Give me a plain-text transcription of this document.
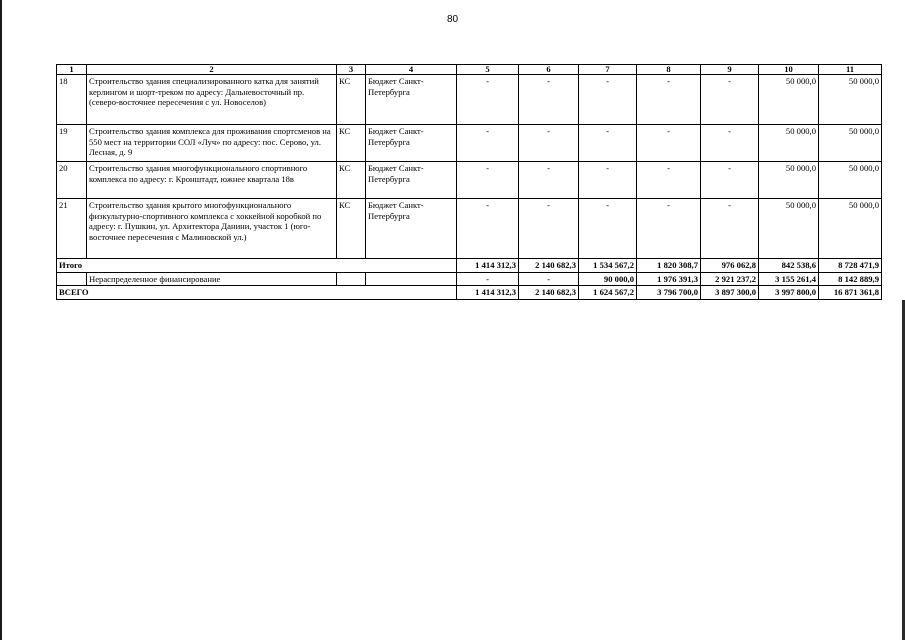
80
1	2	3	4	5	6	7	8	9	10	11
18	Строительство здания специализированного катка для занятий керлингом и шорт-треком по адресу: Дальневосточный пр. (северо-восточнее пересечения с ул. Новоселов)	КС	Бюджет Санкт-Петербурга	-	-	-	-	-	50 000,0	50 000,0
19	Строительство здания комплекса для проживания спортсменов на 550 мест на территории СОЛ «Луч» по адресу: пос. Серово, ул. Лесная, д. 9	КС	Бюджет Санкт-Петербурга	-	-	-	-	-	50 000,0	50 000,0
20	Строительство здания многофункционального спортивного комплекса по адресу: г. Кронштадт, южнее квартала 18в	КС	Бюджет Санкт-Петербурга	-	-	-	-	-	50 000,0	50 000,0
21	Строительство здания крытого многофункционального физкультурно-спортивного комплекса с хоккейной коробкой по адресу: г. Пушкин, ул. Архитектора Данини, участок 1 (юго-восточнее пересечения с Малиновской ул.)	КС	Бюджет Санкт-Петербурга	-	-	-	-	-	50 000,0	50 000,0
Итого				1 414 312,3	2 140 682,3	1 534 567,2	1 820 308,7	976 062,8	842 538,6	8 728 471,9
	Нераспределенное финансирование			-	-	90 000,0	1 976 391,3	2 921 237,2	3 155 261,4	8 142 889,9
ВСЕГО				1 414 312,3	2 140 682,3	1 624 567,2	3 796 700,0	3 897 300,0	3 997 800,0	16 871 361,8
